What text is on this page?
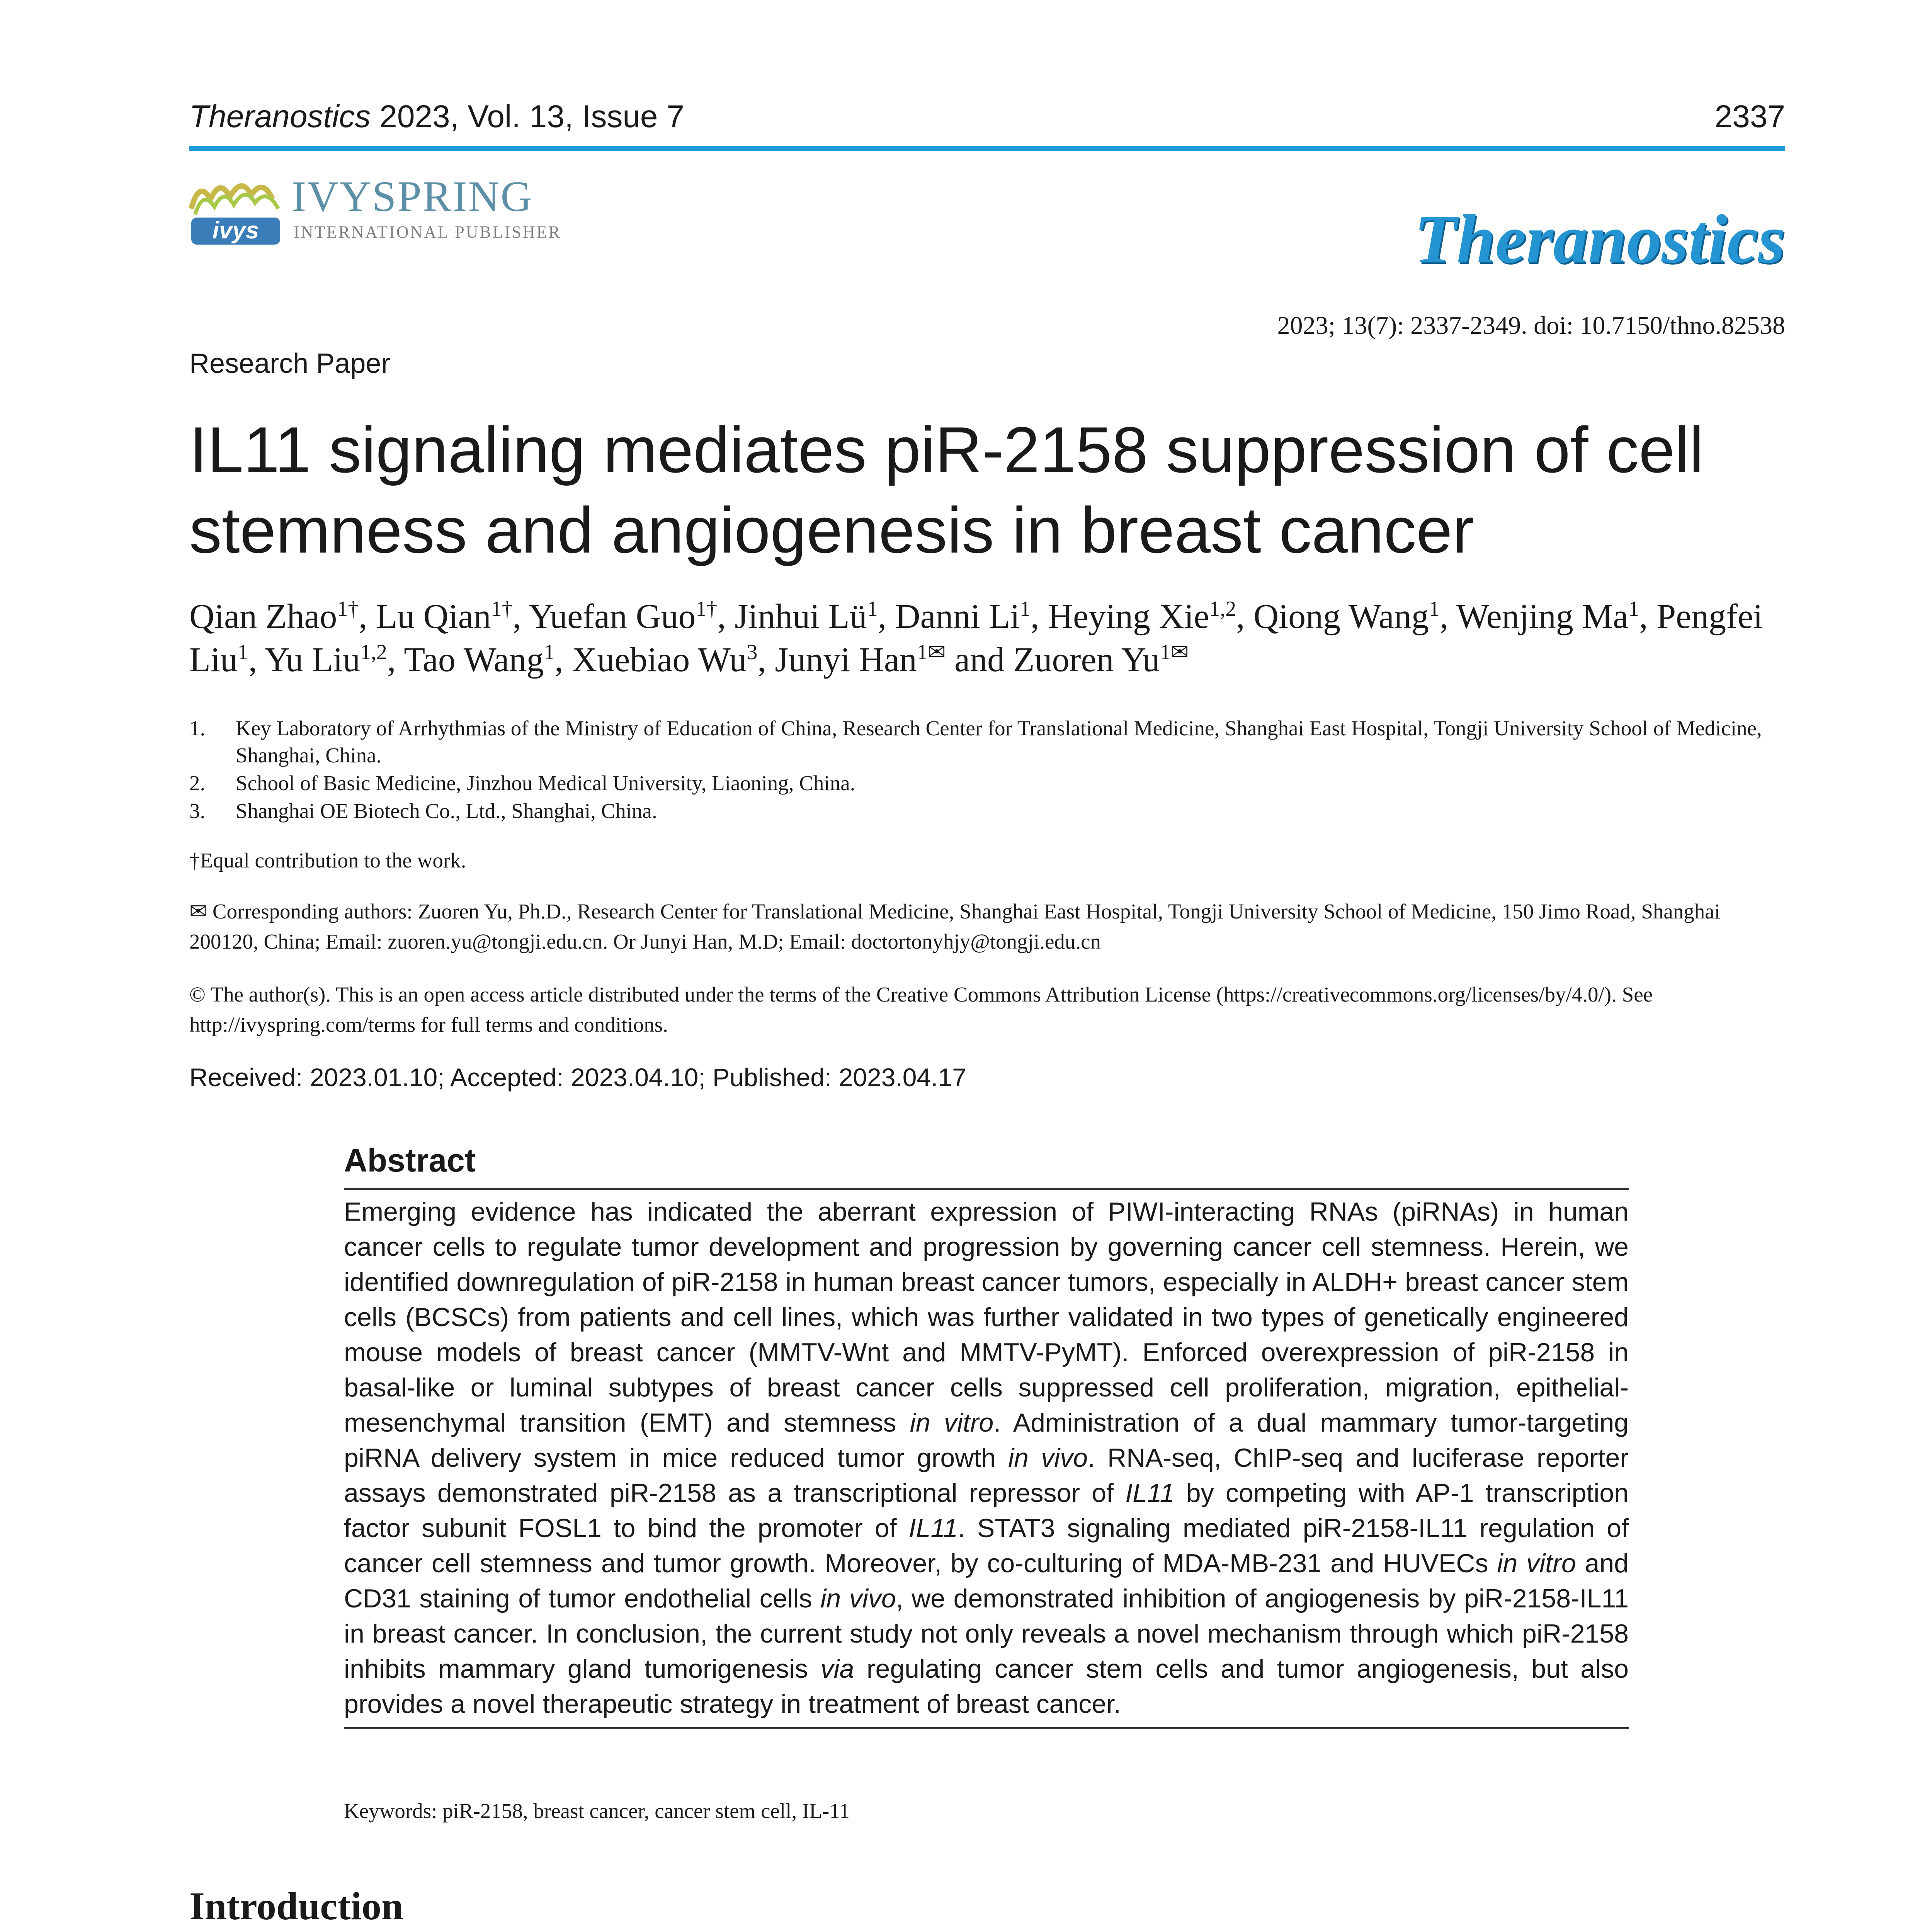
Theranostics 2023, Vol. 13, Issue 7	2337
ivys
IVYSPRING
INTERNATIONAL PUBLISHER	Theranostics
2023; 13(7): 2337-2349. doi: 10.7150/thno.82538
Research Paper
IL11 signaling mediates piR-2158 suppression of cell
stemness and angiogenesis in breast cancer
Qian Zhao$^{1\dagger}$, Lu Qian$^{1\dagger}$, Yuefan Guo$^{1\dagger}$, Jinhui $Lü^1$, Danni Li$^1$, Heying Xie$^{1,2}$, Qiong Wang$^1$, Wenjing Ma$^1$, Pengfei Liu$^1$, Yu Liu$^{1,2}$, Tao Wang$^1$, Xuebiao Wu$^3$, Junyi Han$^{1✉}$ and Zuoren $Yu^{1✉}$
1. Key Laboratory of Arrhythmias of the Ministry of Education of China, Research Center for Translational Medicine, Shanghai East Hospital, Tongji University School of Medicine, Shanghai, China.
2. School of Basic Medicine, Jinzhou Medical University, Liaoning, China.
3. Shanghai OE Biotech Co., Ltd., Shanghai, China.
†Equal contribution to the work.
✉ Corresponding authors: Zuoren Yu, Ph.D., Research Center for Translational Medicine, Shanghai East Hospital, Tongji University School of Medicine, 150 Jimo Road, Shanghai 200120, China; Email: zuoren.yu@tongji.edu.cn. Or Junyi Han, M.D; Email: doctortonyhjy@tongji.edu.cn
© The author(s). This is an open access article distributed under the terms of the Creative Commons Attribution License (https://creativecommons.org/licenses/by/4.0/). See http://ivyspring.com/terms for full terms and conditions.
Received: 2023.01.10; Accepted: 2023.04.10; Published: 2023.04.17
Abstract
Emerging evidence has indicated the aberrant expression of PIWI-interacting RNAs (piRNAs) in human cancer cells to regulate tumor development and progression by governing cancer cell stemness. Herein, we identified downregulation of piR-2158 in human breast cancer tumors, especially in ALDH+ breast cancer stem cells (BCSCs) from patients and cell lines, which was further validated in two types of genetically engineered mouse models of breast cancer (MMTV-Wnt and MMTV-PyMT). Enforced overexpression of piR-2158 in basal-like or luminal subtypes of breast cancer cells suppressed cell proliferation, migration, epithelial-mesenchymal transition (EMT) and stemness in vitro. Administration of a dual mammary tumor-targeting piRNA delivery system in mice reduced tumor growth in vivo. RNA-seq, ChIP-seq and luciferase reporter assays demonstrated piR-2158 as a transcriptional repressor of IL11 by competing with AP-1 transcription factor subunit FOSL1 to bind the promoter of IL11. STAT3 signaling mediated piR-2158-IL11 regulation of cancer cell stemness and tumor growth. Moreover, by co-culturing of MDA-MB-231 and HUVECs in vitro and CD31 staining of tumor endothelial cells in vivo, we demonstrated inhibition of angiogenesis by piR-2158-IL11 in breast cancer. In conclusion, the current study not only reveals a novel mechanism through which piR-2158 inhibits mammary gland tumorigenesis via regulating cancer stem cells and tumor angiogenesis, but also provides a novel therapeutic strategy in treatment of breast cancer.
Keywords: piR-2158, breast cancer, cancer stem cell, IL-11
Introduction
